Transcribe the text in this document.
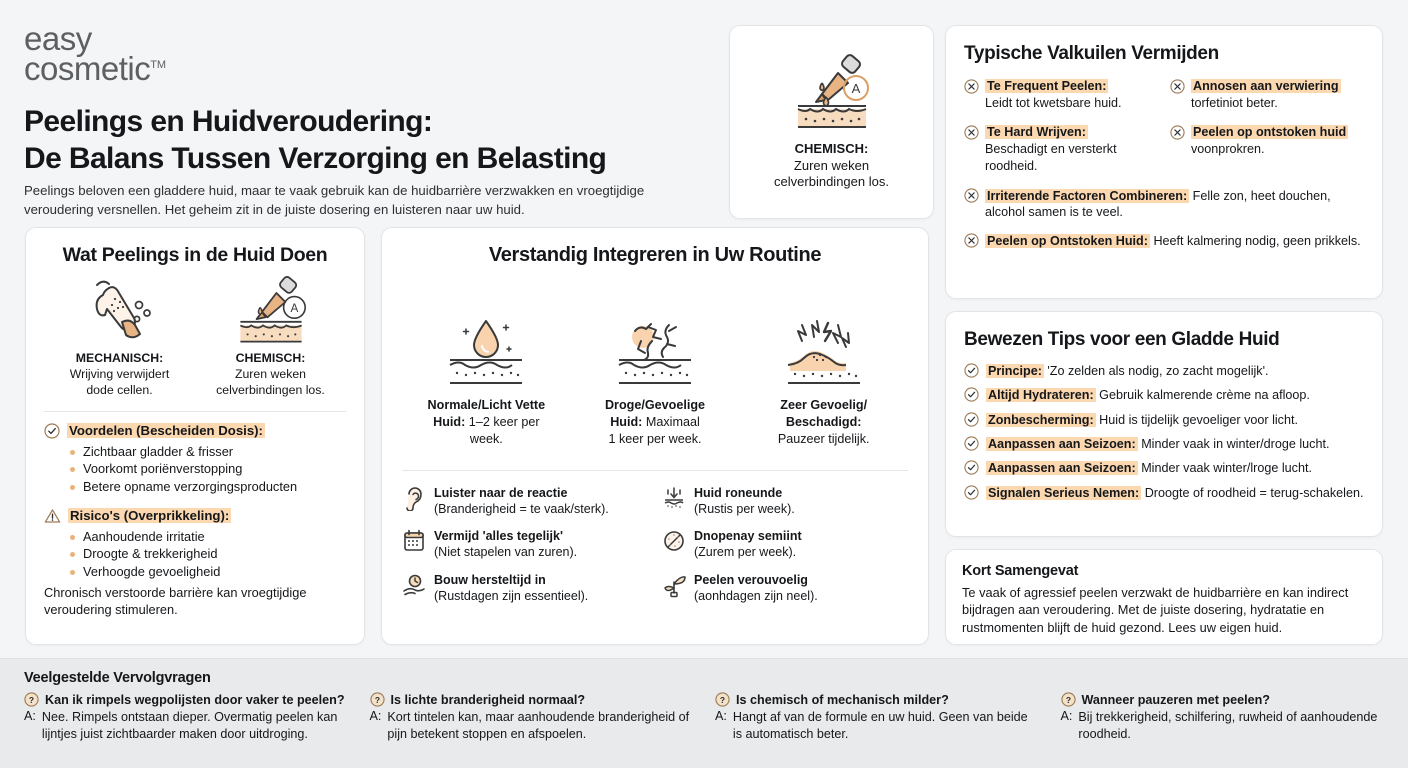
easy
cosmetic™
Peelings en Huidveroudering:
De Balans Tussen Verzorging en Belasting
Peelings beloven een gladdere huid, maar te vaak gebruik kan de huidbarrière verzwakken en vroegtijdige veroudering versnellen. Het geheim zit in de juiste dosering en luisteren naar uw huid.
A
CHEMISCH:
Zuren weken
celverbindingen los.
Typische Valkuilen Vermijden
Te Frequent Peelen:
Leidt tot kwetsbare huid.
Te Hard Wrijven:
Beschadigt en versterkt roodheid.
Annosen aan verwiering
torfetiniot beter.
Peelen op ontstoken huid
voonprokren.
Irriterende Factoren Combineren: Felle zon, heet douchen, alcohol samen is te veel.
Peelen op Ontstoken Huid: Heeft kalmering nodig, geen prikkels.
Bewezen Tips voor een Gladde Huid
Principe: 'Zo zelden als nodig, zo zacht mogelijk'.
Altijd Hydrateren: Gebruik kalmerende crème na afloop.
Zonbescherming: Huid is tijdelijk gevoeliger voor licht.
Aanpassen aan Seizoen: Minder vaak in winter/droge lucht.
Aanpassen aan Seizoen: Minder vaak winter/lroge lucht.
Signalen Serieus Nemen: Droogte of roodheid = terug-schakelen.
Kort Samengevat

Te vaak of agressief peelen verzwakt de huidbarrière en kan indirect bijdragen aan veroudering. Met de juiste dosering, hydratatie en rustmomenten blijft de huid gezond. Lees uw eigen huid.

Wat Peelings in de Huid Doen
MECHANISCH:
Wrijving verwijdert
dode cellen.
A
CHEMISCH:
Zuren weken
celverbindingen los.
Voordelen (Bescheiden Dosis):
Zichtbaar gladder & frisser
Voorkomt poriënverstopping
Betere opname verzorgingsproducten
Risico's (Overprikkeling):
Aanhoudende irritatie
Droogte & trekkerigheid
Verhoogde gevoeligheid
Chronisch verstoorde barrière kan vroegtijdige veroudering stimuleren.
Verstandig Integreren in Uw Routine
Normale/Licht Vette
Huid: 1–2 keer per
week.
Droge/Gevoelige
Huid: Maximaal
1 keer per week.
Zeer Gevoelig/
Beschadigd:
Pauzeer tijdelijk.
Luister naar de reactie
(Branderigheid = te vaak/sterk).
Vermijd 'alles tegelijk'
(Niet stapelen van zuren).
Bouw hersteltijd in
(Rustdagen zijn essentieel).
Huid roneunde
(Rustis per week).
Dnopenay semiint
(Zurem per week).
Peelen verouvoelig
(aonhdagen zijn neel).
Veelgestelde Vervolgvragen
? Kan ik rimpels wegpolijsten door vaker te peelen?
A: Nee. Rimpels ontstaan dieper. Overmatig peelen kan lijntjes juist zichtbaarder maken door uitdroging.
? Is lichte branderigheid normaal?
A: Kort tintelen kan, maar aanhoudende branderigheid of pijn betekent stoppen en afspoelen.
? Is chemisch of mechanisch milder?
A: Hangt af van de formule en uw huid. Geen van beide is automatisch beter.
? Wanneer pauzeren met peelen?
A: Bij trekkerigheid, schilfering, ruwheid of aanhoudende roodheid.
